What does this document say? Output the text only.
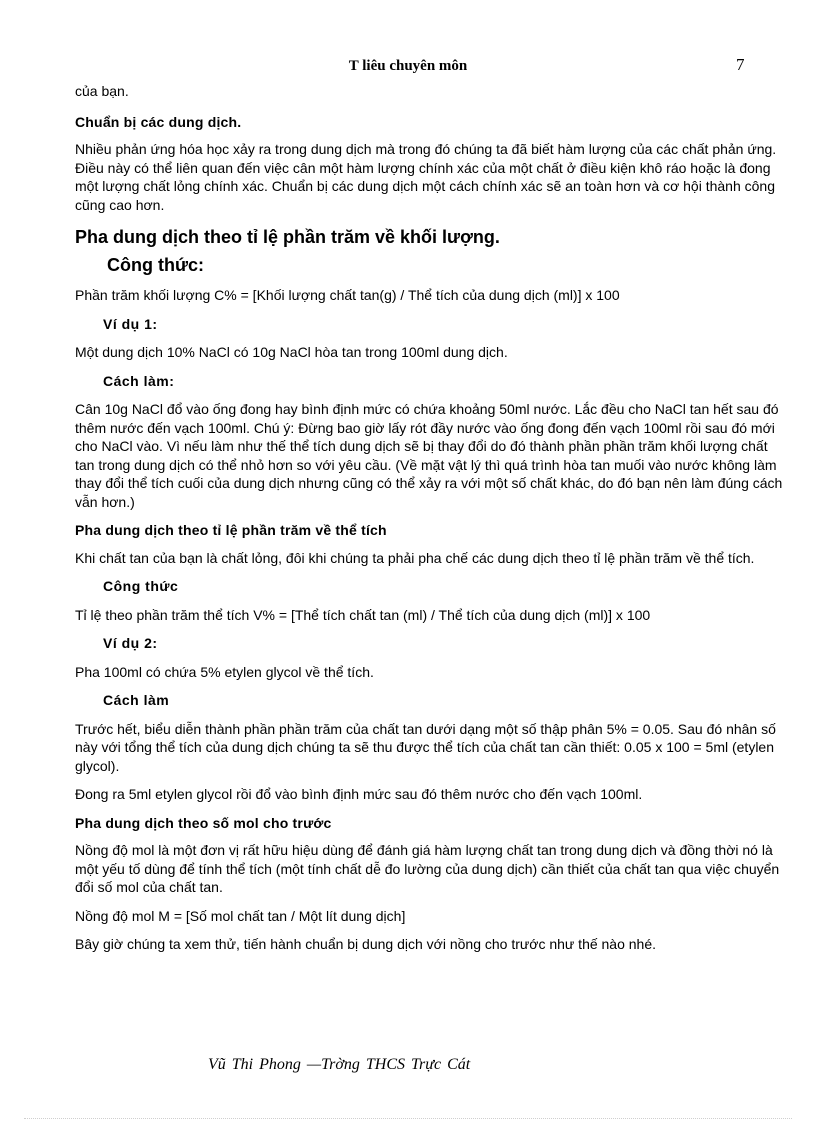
T liêu chuyên môn	7

của bạn.

Chuẩn bị các dung dịch.

Nhiều phản ứng hóa học xảy ra trong dung dịch mà trong đó chúng ta đã biết hàm lượng của các chất phản ứng. Điều này có thể liên quan đến việc cân một hàm lượng chính xác của một chất ở điều kiện khô ráo hoặc là đong một lượng chất lỏng chính xác. Chuẩn bị các dung dịch một cách chính xác sẽ an toàn hơn và cơ hội thành công cũng cao hơn.

Pha dung dịch theo tỉ lệ phần trăm về khối lượng.

Công thức:

Phần trăm khối lượng C% = [Khối lượng chất tan(g) / Thể tích của dung dịch (ml)] x 100

Ví dụ 1:

Một dung dịch 10% NaCl có 10g NaCl hòa tan trong 100ml dung dịch.

Cách làm:

Cân 10g NaCl đổ vào ống đong hay bình định mức có chứa khoảng 50ml nước. Lắc đều cho NaCl tan hết sau đó thêm nước đến vạch 100ml. Chú ý: Đừng bao giờ lấy rót đầy nước vào ống đong đến vạch 100ml rồi sau đó mới cho NaCl vào. Vì nếu làm như thế thể tích dung dịch sẽ bị thay đổi do đó thành phần phần trăm khối lượng chất tan trong dung dịch có thể nhỏ hơn so với yêu cầu. (Về mặt vật lý thì quá trình hòa tan muối vào nước không làm thay đổi thể tích cuối của dung dịch nhưng cũng có thể xảy ra với một số chất khác, do đó bạn nên làm đúng cách vẫn hơn.)

Pha dung dịch theo tỉ lệ phần trăm về thể tích

Khi chất tan của bạn là chất lỏng, đôi khi chúng ta phải pha chế các dung dịch theo tỉ lệ phần trăm về thể tích.

Công thức

Tỉ lệ theo phần trăm thể tích V% = [Thể tích chất tan (ml) / Thể tích của dung dịch (ml)] x 100

Ví dụ 2:

Pha 100ml có chứa 5% etylen glycol về thể tích.

Cách làm

Trước hết, biểu diễn thành phần phần trăm của chất tan dưới dạng một số thập phân 5% = 0.05. Sau đó nhân số này với tổng thể tích của dung dịch chúng ta sẽ thu được thể tích của chất tan cần thiết: 0.05 x 100 = 5ml (etylen glycol).

Đong ra 5ml etylen glycol rồi đổ vào bình định mức sau đó thêm nước cho đến vạch 100ml.

Pha dung dịch theo số mol cho trước

Nồng độ mol là một đơn vị rất hữu hiệu dùng để đánh giá hàm lượng chất tan trong dung dịch và đồng thời nó là một yếu tố dùng để tính thể tích (một tính chất dễ đo lường của dung dịch) cần thiết của chất tan qua việc chuyển đổi số mol của chất tan.

Nồng độ mol M = [Số mol chất tan / Một lít dung dịch]

Bây giờ chúng ta xem thử, tiến hành chuẩn bị dung dịch với nồng cho trước như thế nào nhé.

Vũ Thi Phong —Trờng THCS Trực Cát
